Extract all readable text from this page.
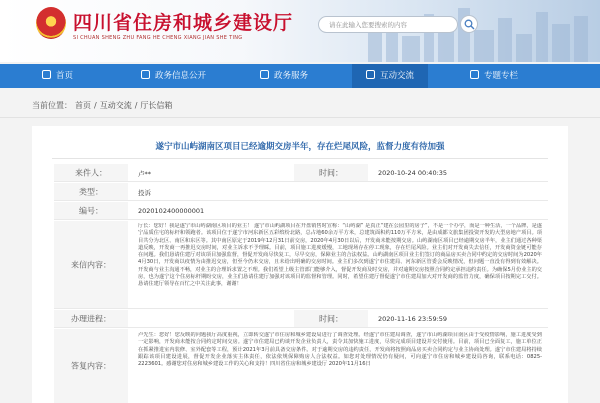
四川省住房和城乡建设厅
SI CHUAN SHENG ZHU FANG HE CHENG XIANG JIAN SHE TING
请在此输入您要搜索的内容
首页	政务信息公开	政务服务	互动交流	专题专栏
当前位置： 首页 / 互动交流 / 厅长信箱
遂宁市山屿湖南区项目已经逾期交房半年，存在烂尾风险，监督力度有待加强
来件人：	卢**	时间：	2020-10-24 00:40:35
类型：	投诉
编号：	2020102400000001
来信内容：
厅长：您好！我是遂宁市山屿湖南区项目的业主！ 遂宁市山屿湖项目在开盘销售时宣称：“山屿湖” 是真正“建在公园里的房子”，不是一个办学，而是一种生活，一个品牌，是遂宁品质住宅的标杆和领跑者。该项目位于遂宁市河东新区五彩缤纷北路，总占地60余万平方米，总建筑面积约110万平方米，是由成都文旅集团投资开发的大型房地产项目。项目共分为北区、南区和东区等。其中南区原定于2019年12月31日前交房，2020年4月30日以后，开发商未能按期交房。山屿湖南区项目已经逾期交房半年，业主们通过各种渠道反映，开发商一再推迟交房时间，对业主诉求不予理睬。目前，项目施工进度缓慢，工地现场存在停工现象，存在烂尾风险。业主们对开发商失去信任，开发商资金链可能存在问题。我们恳请住建厅对该项目加强监督，督促开发商尽快复工，尽早交房，保障业主的合法权益。山屿湖南区项目业主们签订的商品房买卖合同中约定的交房时间为2020年4月30日，开发商以疫情为由推迟交房，但至今仍未交房，且未给出明确的交房时间。业主们多次到遂宁市住建局、河东新区管委会反映情况，但问题一直没有得到有效解决。开发商与业主沟通不畅，对业主的合理诉求置之不理。我们希望上级主管部门能够介入，督促开发商及时交房，并对逾期交房按照合同约定承担违约责任。为确保5月份业主的交房，也为遂宁这个住房标杆期盼交房，业主们恳请住建厅加强对该项目的监督和管理。同时，希望住建厅督促遂宁市住建局加大对开发商的监管力度，确保项目按期完工交付。恳请住建厅领导在百忙之中关注此事，谢谢！
办理进程：	时间：	2020-11-16 23:59:59
答复内容：
卢先生：您好！您反映的问题我厅高度重视，立即转交遂宁市住房和城乡建设局进行了调查处理。经遂宁市住建局调查，遂宁市山屿湖项目南区由于受疫情影响，施工进度受到一定影响，开发商未能按合同约定时间交房。遂宁市住建局已约谈开发企业负责人，责令其加快施工进度，尽快完成项目建设并交付使用。目前，项目已全面复工，施工单位正在抓紧推进室内装修、室外配套等工程，预计2021年3月前具备交房条件。对于逾期交房的违约责任，开发商将按照商品房买卖合同约定与业主协商处理。遂宁市住建局将持续跟踪该项目建设进展，督促开发企业落实主体责任，依法依规保障购房人合法权益。如您对处理情况仍有疑问，可向遂宁市住房和城乡建设局咨询，联系电话：0825-2223601。感谢您对住房和城乡建设工作的关心和支持！四川省住房和城乡建设厅 2020年11月16日
